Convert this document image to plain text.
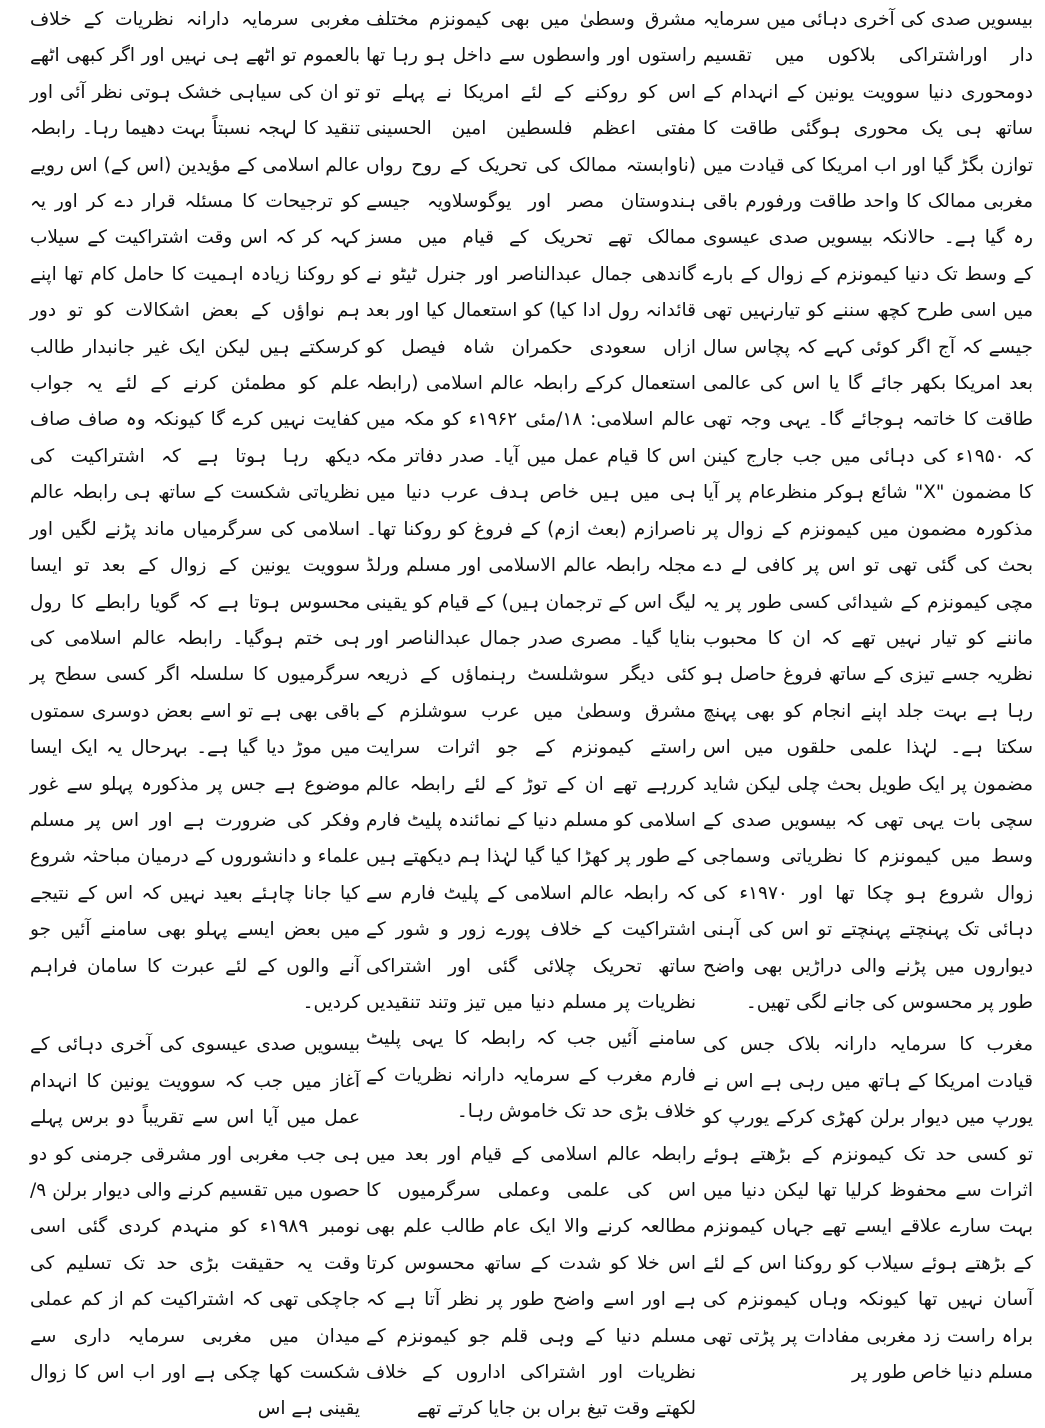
بیسویں صدی کی آخری دہائی میں سرمایہ دار اوراشتراکی بلاکوں میں تقسیم دومحوری دنیا سوویت یونین کے انہدام کے ساتھ ہی یک محوری ہوگئی طاقت کا توازن بگڑ گیا اور اب امریکا کی قیادت میں مغربی ممالک کا واحد طاقت ورفورم باقی رہ گیا ہے۔ حالانکہ بیسویں صدی عیسوی کے وسط تک دنیا کیمونزم کے زوال کے بارے میں اسی طرح کچھ سننے کو تیارنہیں تھی جیسے کہ آج اگر کوئی کہے کہ پچاس سال بعد امریکا بکھر جائے گا یا اس کی عالمی طاقت کا خاتمہ ہوجائے گا۔ یہی وجہ تھی کہ ۱۹۵۰ء کی دہائی میں جب جارج کینن کا مضمون "X" شائع ہوکر منظرعام پر آیا مذکورہ مضمون میں کیمونزم کے زوال پر بحث کی گئی تھی تو اس پر کافی لے دے مچی کیمونزم کے شیدائی کسی طور پر یہ ماننے کو تیار نہیں تھے کہ ان کا محبوب نظریہ جسے تیزی کے ساتھ فروغ حاصل ہو رہا ہے بہت جلد اپنے انجام کو بھی پہنچ سکتا ہے۔ لہٰذا علمی حلقوں میں اس مضمون پر ایک طویل بحث چلی لیکن شاید سچی بات یہی تھی کہ بیسویں صدی کے وسط میں کیمونزم کا نظریاتی وسماجی زوال شروع ہو چکا تھا اور ۱۹۷۰ء کی دہائی تک پہنچتے پہنچتے تو اس کی آہنی دیواروں میں پڑنے والی دراڑیں بھی واضح طور پر محسوس کی جانے لگی تھیں۔

مغرب کا سرمایہ دارانہ بلاک جس کی قیادت امریکا کے ہاتھ میں رہی ہے اس نے یورپ میں دیوار برلن کھڑی کرکے یورپ کو تو کسی حد تک کیمونزم کے بڑھتے ہوئے اثرات سے محفوظ کرلیا تھا لیکن دنیا میں بہت سارے علاقے ایسے تھے جہاں کیمونزم کے بڑھتے ہوئے سیلاب کو روکنا اس کے لئے آسان نہیں تھا کیونکہ وہاں کیمونزم کی براہ راست زد مغربی مفادات پر پڑتی تھی مسلم دنیا خاص طور پر

مشرق وسطیٰ میں بھی کیمونزم مختلف راستوں اور واسطوں سے داخل ہو رہا تھا اس کو روکنے کے لئے امریکا نے پہلے تو مفتی اعظم فلسطین امین الحسینی (ناوابستہ ممالک کی تحریک کے روح رواں ہندوستان مصر اور یوگوسلاویہ جیسے ممالک تھے تحریک کے قیام میں مسز گاندھی جمال عبدالناصر اور جنرل ٹیٹو نے قائدانہ رول ادا کیا) کو استعمال کیا اور بعد ازاں سعودی حکمران شاہ فیصل کو استعمال کرکے رابطہ عالم اسلامی (رابطہ عالم اسلامی: ۱۸/مئی ۱۹۶۲ء کو مکہ میں اس کا قیام عمل میں آیا۔ صدر دفاتر مکہ ہی میں ہیں خاص ہدف عرب دنیا میں ناصرازم (بعث ازم) کے فروغ کو روکنا تھا۔ مجلہ رابطہ عالم الاسلامی اور مسلم ورلڈ لیگ اس کے ترجمان ہیں) کے قیام کو یقینی بنایا گیا۔ مصری صدر جمال عبدالناصر اور کئی دیگر سوشلسٹ رہنماؤں کے ذریعہ مشرق وسطیٰ میں عرب سوشلزم کے راستے کیمونزم کے جو اثرات سرایت کررہے تھے ان کے توڑ کے لئے رابطہ عالم اسلامی کو مسلم دنیا کے نمائندہ پلیٹ فارم کے طور پر کھڑا کیا گیا لہٰذا ہم دیکھتے ہیں کہ رابطہ عالم اسلامی کے پلیٹ فارم سے اشتراکیت کے خلاف پورے زور و شور کے ساتھ تحریک چلائی گئی اور اشتراکی نظریات پر مسلم دنیا میں تیز وتند تنقیدیں سامنے آئیں جب کہ رابطہ کا یہی پلیٹ فارم مغرب کے سرمایہ دارانہ نظریات کے خلاف بڑی حد تک خاموش رہا۔

رابطہ عالم اسلامی کے قیام اور بعد میں اس کی علمی وعملی سرگرمیوں کا مطالعہ کرنے والا ایک عام طالب علم بھی اس خلا کو شدت کے ساتھ محسوس کرتا ہے اور اسے واضح طور پر نظر آتا ہے کہ مسلم دنیا کے وہی قلم جو کیمونزم کے نظریات اور اشتراکی اداروں کے خلاف لکھتے وقت تیغ براں بن جایا کرتے تھے

مغربی سرمایہ دارانہ نظریات کے خلاف بالعموم تو اٹھے ہی نہیں اور اگر کبھی اٹھے تو ان کی سیاہی خشک ہوتی نظر آئی اور تنقید کا لہجہ نسبتاً بہت دھیما رہا۔ رابطہ عالم اسلامی کے مؤیدین (اس کے) اس رویے کو ترجیحات کا مسئلہ قرار دے کر اور یہ کہہ کر کہ اس وقت اشتراکیت کے سیلاب کو روکنا زیادہ اہمیت کا حامل کام تھا اپنے ہم نواؤں کے بعض اشکالات کو تو دور کرسکتے ہیں لیکن ایک غیر جانبدار طالب علم کو مطمئن کرنے کے لئے یہ جواب کفایت نہیں کرے گا کیونکہ وہ صاف صاف دیکھ رہا ہوتا ہے کہ اشتراکیت کی نظریاتی شکست کے ساتھ ہی رابطہ عالم اسلامی کی سرگرمیاں ماند پڑنے لگیں اور سوویت یونین کے زوال کے بعد تو ایسا محسوس ہوتا ہے کہ گویا رابطے کا رول ہی ختم ہوگیا۔ رابطہ عالم اسلامی کی سرگرمیوں کا سلسلہ اگر کسی سطح پر باقی بھی ہے تو اسے بعض دوسری سمتوں میں موڑ دیا گیا ہے۔ بہرحال یہ ایک ایسا موضوع ہے جس پر مذکورہ پہلو سے غور وفکر کی ضرورت ہے اور اس پر مسلم علماء و دانشوروں کے درمیان مباحثہ شروع کیا جانا چاہئے بعید نہیں کہ اس کے نتیجے میں بعض ایسے پہلو بھی سامنے آئیں جو آنے والوں کے لئے عبرت کا سامان فراہم کردیں۔

بیسویں صدی عیسوی کی آخری دہائی کے آغاز میں جب کہ سوویت یونین کا انہدام عمل میں آیا اس سے تقریباً دو برس پہلے ہی جب مغربی اور مشرقی جرمنی کو دو حصوں میں تقسیم کرنے والی دیوار برلن ۹/نومبر ۱۹۸۹ء کو منہدم کردی گئی اسی وقت یہ حقیقت بڑی حد تک تسلیم کی جاچکی تھی کہ اشتراکیت کم از کم عملی میدان میں مغربی سرمایہ داری سے شکست کھا چکی ہے اور اب اس کا زوال یقینی ہے اس
